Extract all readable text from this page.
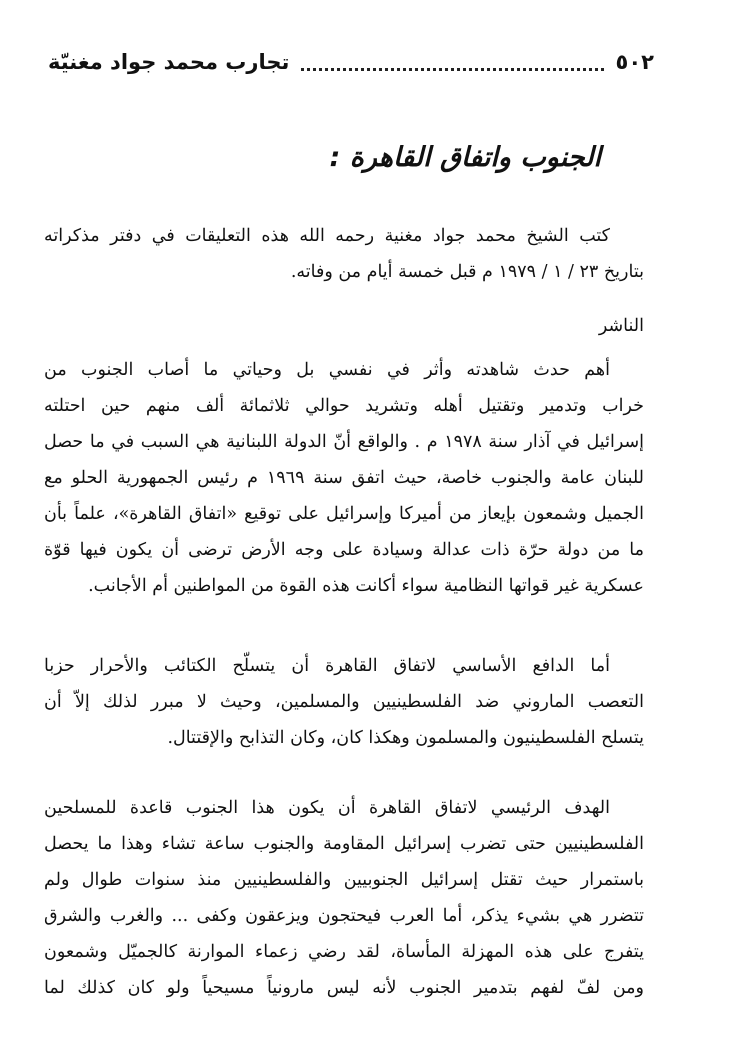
٥٠٢
تجارب محمد جواد مغنيّة
الجنوب واتفاق القاهرة :
كتب الشيخ محمد جواد مغنية رحمه الله هذه التعليقات في دفتر مذكراته
بتاريخ ٢٣ / ١ / ١٩٧٩ م قبل خمسة أيام من وفاته.
الناشر
أهم حدث شاهدته وأثر في نفسي بل وحياتي ما أصاب الجنوب من
خراب وتدمير وتقتيل أهله وتشريد حوالي ثلاثمائة ألف منهم حين احتلته
إسرائيل في آذار سنة ١٩٧٨ م . والواقع أنّ الدولة اللبنانية هي السبب في ما حصل
للبنان عامة والجنوب خاصة، حيث اتفق سنة ١٩٦٩ م رئيس الجمهورية الحلو مع
الجميل وشمعون بإيعاز من أميركا وإسرائيل على توقيع «اتفاق القاهرة»، علماً بأن
ما من دولة حرّة ذات عدالة وسيادة على وجه الأرض ترضى أن يكون فيها قوّة
عسكرية غير قواتها النظامية سواء أكانت هذه القوة من المواطنين أم الأجانب.
أما الدافع الأساسي لاتفاق القاهرة أن يتسلّح الكتائب والأحرار حزبا
التعصب الماروني ضد الفلسطينيين والمسلمين، وحيث لا مبرر لذلك إلاّ أن
يتسلح الفلسطينيون والمسلمون وهكذا كان، وكان التذابح والإقتتال.
الهدف الرئيسي لاتفاق القاهرة أن يكون هذا الجنوب قاعدة للمسلحين
الفلسطينيين حتى تضرب إسرائيل المقاومة والجنوب ساعة تشاء وهذا ما يحصل
باستمرار حيث تقتل إسرائيل الجنوبيين والفلسطينيين منذ سنوات طوال ولم
تتضرر هي بشيء يذكر، أما العرب فيحتجون ويزعقون وكفى ... والغرب والشرق
يتفرج على هذه المهزلة المأساة، لقد رضي زعماء الموارنة كالجميّل وشمعون
ومن لفّ لفهم بتدمير الجنوب لأنه ليس مارونياً مسيحياً ولو كان كذلك لما
